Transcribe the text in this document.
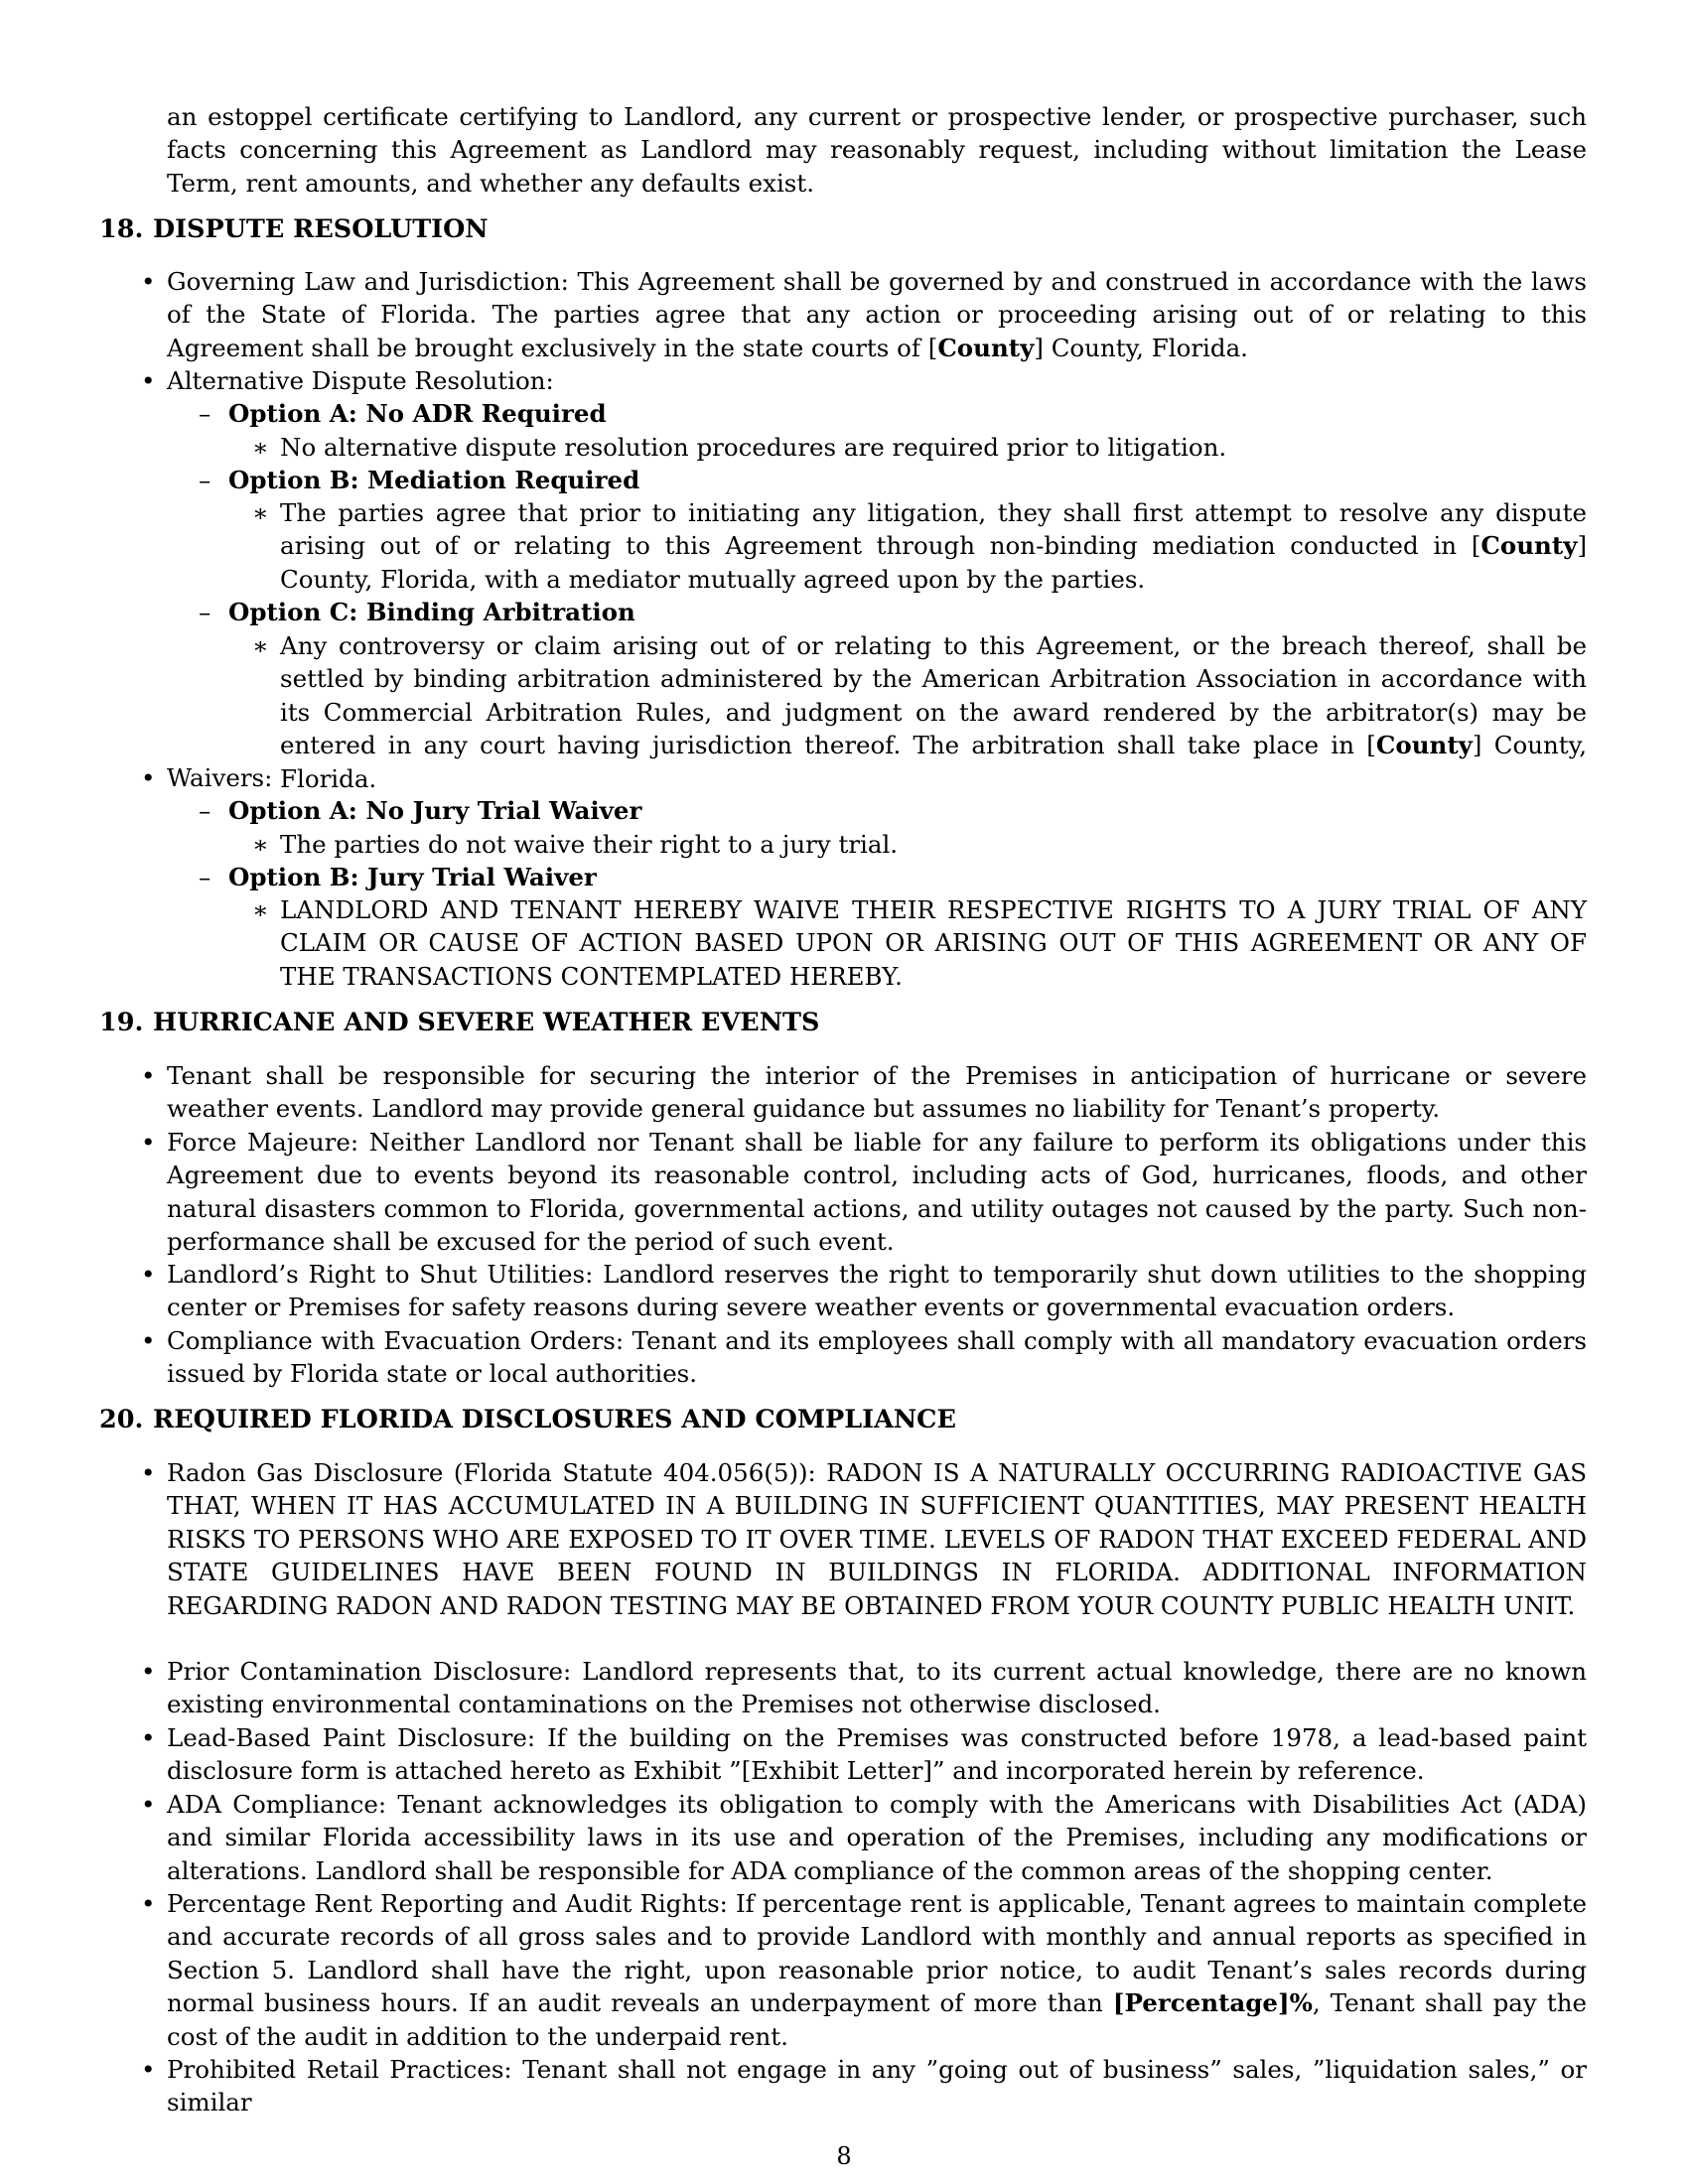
an estoppel certificate certifying to Landlord, any current or prospective lender, or prospective purchaser, such facts concerning this Agreement as Landlord may reasonably request, including without limitation the Lease Term, rent amounts, and whether any defaults exist.
18. DISPUTE RESOLUTION
• Governing Law and Jurisdiction: This Agreement shall be governed by and construed in accordance with the laws of the State of Florida. The parties agree that any action or proceeding arising out of or relating to this Agreement shall be brought exclusively in the state courts of [County] County, Florida.
• Alternative Dispute Resolution:
– Option A: No ADR Required
∗ No alternative dispute resolution procedures are required prior to litigation.
– Option B: Mediation Required
∗ The parties agree that prior to initiating any litigation, they shall first attempt to resolve any dispute arising out of or relating to this Agreement through non-binding mediation conducted in [County] County, Florida, with a mediator mutually agreed upon by the parties.
– Option C: Binding Arbitration
∗ Any controversy or claim arising out of or relating to this Agreement, or the breach thereof, shall be settled by binding arbitration administered by the American Arbitration Association in accordance with its Commercial Arbitration Rules, and judgment on the award rendered by the arbitrator(s) may be entered in any court having jurisdiction thereof. The arbitration shall take place in [County] County, Florida.
• Waivers:
– Option A: No Jury Trial Waiver
∗ The parties do not waive their right to a jury trial.
– Option B: Jury Trial Waiver
∗ LANDLORD AND TENANT HEREBY WAIVE THEIR RESPECTIVE RIGHTS TO A JURY TRIAL OF ANY CLAIM OR CAUSE OF ACTION BASED UPON OR ARISING OUT OF THIS AGREEMENT OR ANY OF THE TRANSACTIONS CONTEMPLATED HEREBY.
19. HURRICANE AND SEVERE WEATHER EVENTS
• Tenant shall be responsible for securing the interior of the Premises in anticipation of hurricane or severe weather events. Landlord may provide general guidance but assumes no liability for Tenant’s property.
• Force Majeure: Neither Landlord nor Tenant shall be liable for any failure to perform its obligations under this Agreement due to events beyond its reasonable control, including acts of God, hurricanes, floods, and other natural disasters common to Florida, governmental actions, and utility outages not caused by the party. Such non-performance shall be excused for the period of such event.
• Landlord’s Right to Shut Utilities: Landlord reserves the right to temporarily shut down utilities to the shopping center or Premises for safety reasons during severe weather events or governmental evacuation orders.
• Compliance with Evacuation Orders: Tenant and its employees shall comply with all mandatory evacuation orders issued by Florida state or local authorities.
20. REQUIRED FLORIDA DISCLOSURES AND COMPLIANCE
• Radon Gas Disclosure (Florida Statute 404.056(5)): RADON IS A NATURALLY OCCURRING RADIOACTIVE GAS THAT, WHEN IT HAS ACCUMULATED IN A BUILDING IN SUFFICIENT QUANTITIES, MAY PRESENT HEALTH RISKS TO PERSONS WHO ARE EXPOSED TO IT OVER TIME. LEVELS OF RADON THAT EXCEED FEDERAL AND STATE GUIDELINES HAVE BEEN FOUND IN BUILDINGS IN FLORIDA. ADDITIONAL INFORMATION REGARDING RADON AND RADON TESTING MAY BE OBTAINED FROM YOUR COUNTY PUBLIC HEALTH UNIT.
• Prior Contamination Disclosure: Landlord represents that, to its current actual knowledge, there are no known existing environmental contaminations on the Premises not otherwise disclosed.
• Lead-Based Paint Disclosure: If the building on the Premises was constructed before 1978, a lead-based paint disclosure form is attached hereto as Exhibit ”[Exhibit Letter]” and incorporated herein by reference.
• ADA Compliance: Tenant acknowledges its obligation to comply with the Americans with Disabilities Act (ADA) and similar Florida accessibility laws in its use and operation of the Premises, including any modifications or alterations. Landlord shall be responsible for ADA compliance of the common areas of the shopping center.
• Percentage Rent Reporting and Audit Rights: If percentage rent is applicable, Tenant agrees to maintain complete and accurate records of all gross sales and to provide Landlord with monthly and annual reports as specified in Section 5. Landlord shall have the right, upon reasonable prior notice, to audit Tenant’s sales records during normal business hours. If an audit reveals an underpayment of more than [Percentage]%, Tenant shall pay the cost of the audit in addition to the underpaid rent.
• Prohibited Retail Practices: Tenant shall not engage in any ”going out of business” sales, ”liquidation sales,” or similar
8
